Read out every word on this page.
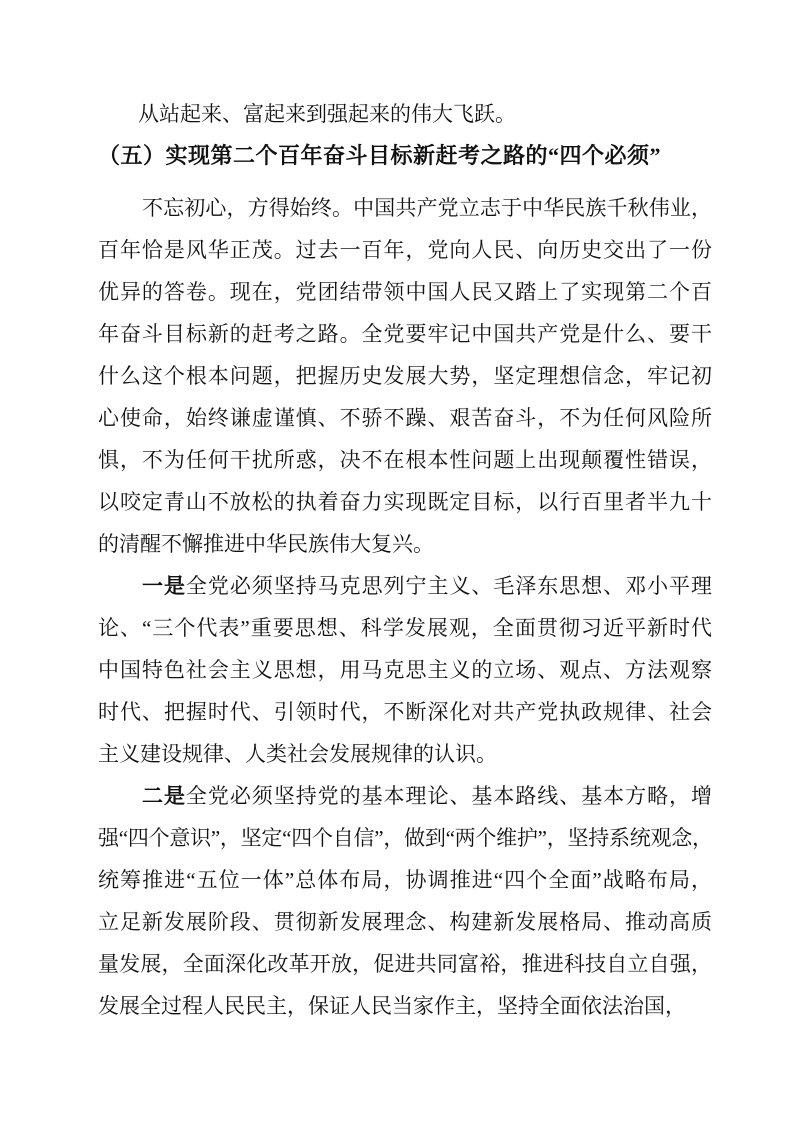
从站起来、富起来到强起来的伟大飞跃。
（五）实现第二个百年奋斗目标新赶考之路的“四个必须”
不忘初心，方得始终。中国共产党立志于中华民族千秋伟业，
百年恰是风华正茂。过去一百年，党向人民、向历史交出了一份
优异的答卷。现在，党团结带领中国人民又踏上了实现第二个百
年奋斗目标新的赶考之路。全党要牢记中国共产党是什么、要干
什么这个根本问题，把握历史发展大势，坚定理想信念，牢记初
心使命，始终谦虚谨慎、不骄不躁、艰苦奋斗，不为任何风险所
惧，不为任何干扰所惑，决不在根本性问题上出现颠覆性错误，
以咬定青山不放松的执着奋力实现既定目标，以行百里者半九十
的清醒不懈推进中华民族伟大复兴。
一是全党必须坚持马克思列宁主义、毛泽东思想、邓小平理
论、“三个代表”重要思想、科学发展观，全面贯彻习近平新时代
中国特色社会主义思想，用马克思主义的立场、观点、方法观察
时代、把握时代、引领时代，不断深化对共产党执政规律、社会
主义建设规律、人类社会发展规律的认识。
二是全党必须坚持党的基本理论、基本路线、基本方略，增
强“四个意识”，坚定“四个自信”，做到“两个维护”，坚持系统观念，
统筹推进“五位一体”总体布局，协调推进“四个全面”战略布局，
立足新发展阶段、贯彻新发展理念、构建新发展格局、推动高质
量发展，全面深化改革开放，促进共同富裕，推进科技自立自强，
发展全过程人民民主，保证人民当家作主，坚持全面依法治国，
